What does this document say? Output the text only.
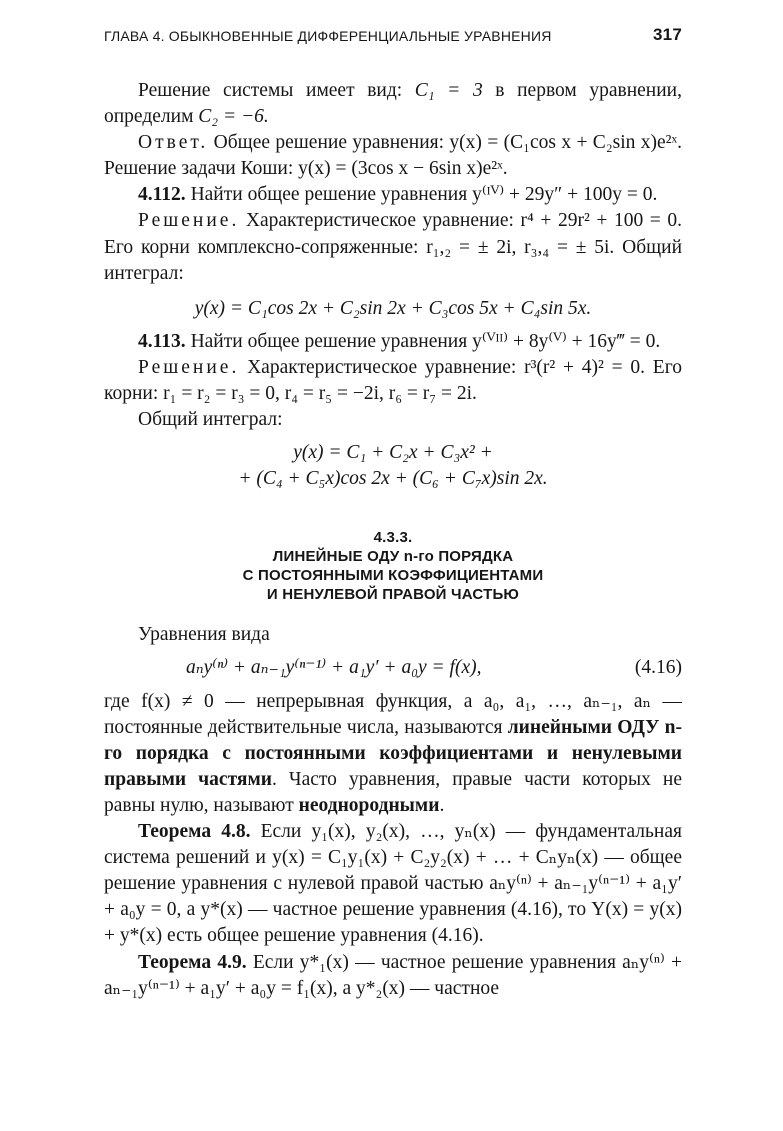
ГЛАВА 4. ОБЫКНОВЕННЫЕ ДИФФЕРЕНЦИАЛЬНЫЕ УРАВНЕНИЯ	317

Решение системы имеет вид: C₁ = 3 в первом уравнении, определим C₂ = −6.

Ответ. Общее решение уравнения: y(x) = (C₁cos x + C₂sin x)e²ˣ. Решение задачи Коши: y(x) = (3cos x − 6sin x)e²ˣ.

4.112. Найти общее решение уравнения y⁽ᴵⱽ⁾ + 29y″ + 100y = 0.

Решение. Характеристическое уравнение: r⁴ + 29r² + 100 = 0. Его корни комплексно-сопряженные: r₁,₂ = ± 2i, r₃,₄ = ± 5i. Общий интеграл:

y(x) = C₁cos 2x + C₂sin 2x + C₃cos 5x + C₄sin 5x.

4.113. Найти общее решение уравнения y⁽ⱽᴵᴵ⁾ + 8y⁽ⱽ⁾ + 16y‴ = 0.

Решение. Характеристическое уравнение: r³(r² + 4)² = 0. Его корни: r₁ = r₂ = r₃ = 0, r₄ = r₅ = −2i, r₆ = r₇ = 2i.

Общий интеграл:

y(x) = C₁ + C₂x + C₃x² +
+ (C₄ + C₅x)cos 2x + (C₆ + C₇x)sin 2x.
4.3.3.
ЛИНЕЙНЫЕ ОДУ n-го ПОРЯДКА
С ПОСТОЯННЫМИ КОЭФФИЦИЕНТАМИ
И НЕНУЛЕВОЙ ПРАВОЙ ЧАСТЬЮ

Уравнения вида

aₙy⁽ⁿ⁾ + aₙ₋₁y⁽ⁿ⁻¹⁾ + a₁y′ + a₀y = f(x),	(4.16)

где f(x) ≠ 0 — непрерывная функция, а a₀, a₁, …, aₙ₋₁, aₙ — постоянные действительные числа, называются линейными ОДУ n-го порядка с постоянными коэффициентами и ненулевыми правыми частями. Часто уравнения, правые части которых не равны нулю, называют неоднородными.

Теорема 4.8. Если y₁(x), y₂(x), …, yₙ(x) — фундаментальная система решений и y(x) = C₁y₁(x) + C₂y₂(x) + … + Cₙyₙ(x) — общее решение уравнения с нулевой правой частью aₙy⁽ⁿ⁾ + aₙ₋₁y⁽ⁿ⁻¹⁾ + a₁y′ + a₀y = 0, а y*(x) — частное решение уравнения (4.16), то Y(x) = y(x) + y*(x) есть общее решение уравнения (4.16).

Теорема 4.9. Если y*₁(x) — частное решение уравнения aₙy⁽ⁿ⁾ + aₙ₋₁y⁽ⁿ⁻¹⁾ + a₁y′ + a₀y = f₁(x), а y*₂(x) — частное
